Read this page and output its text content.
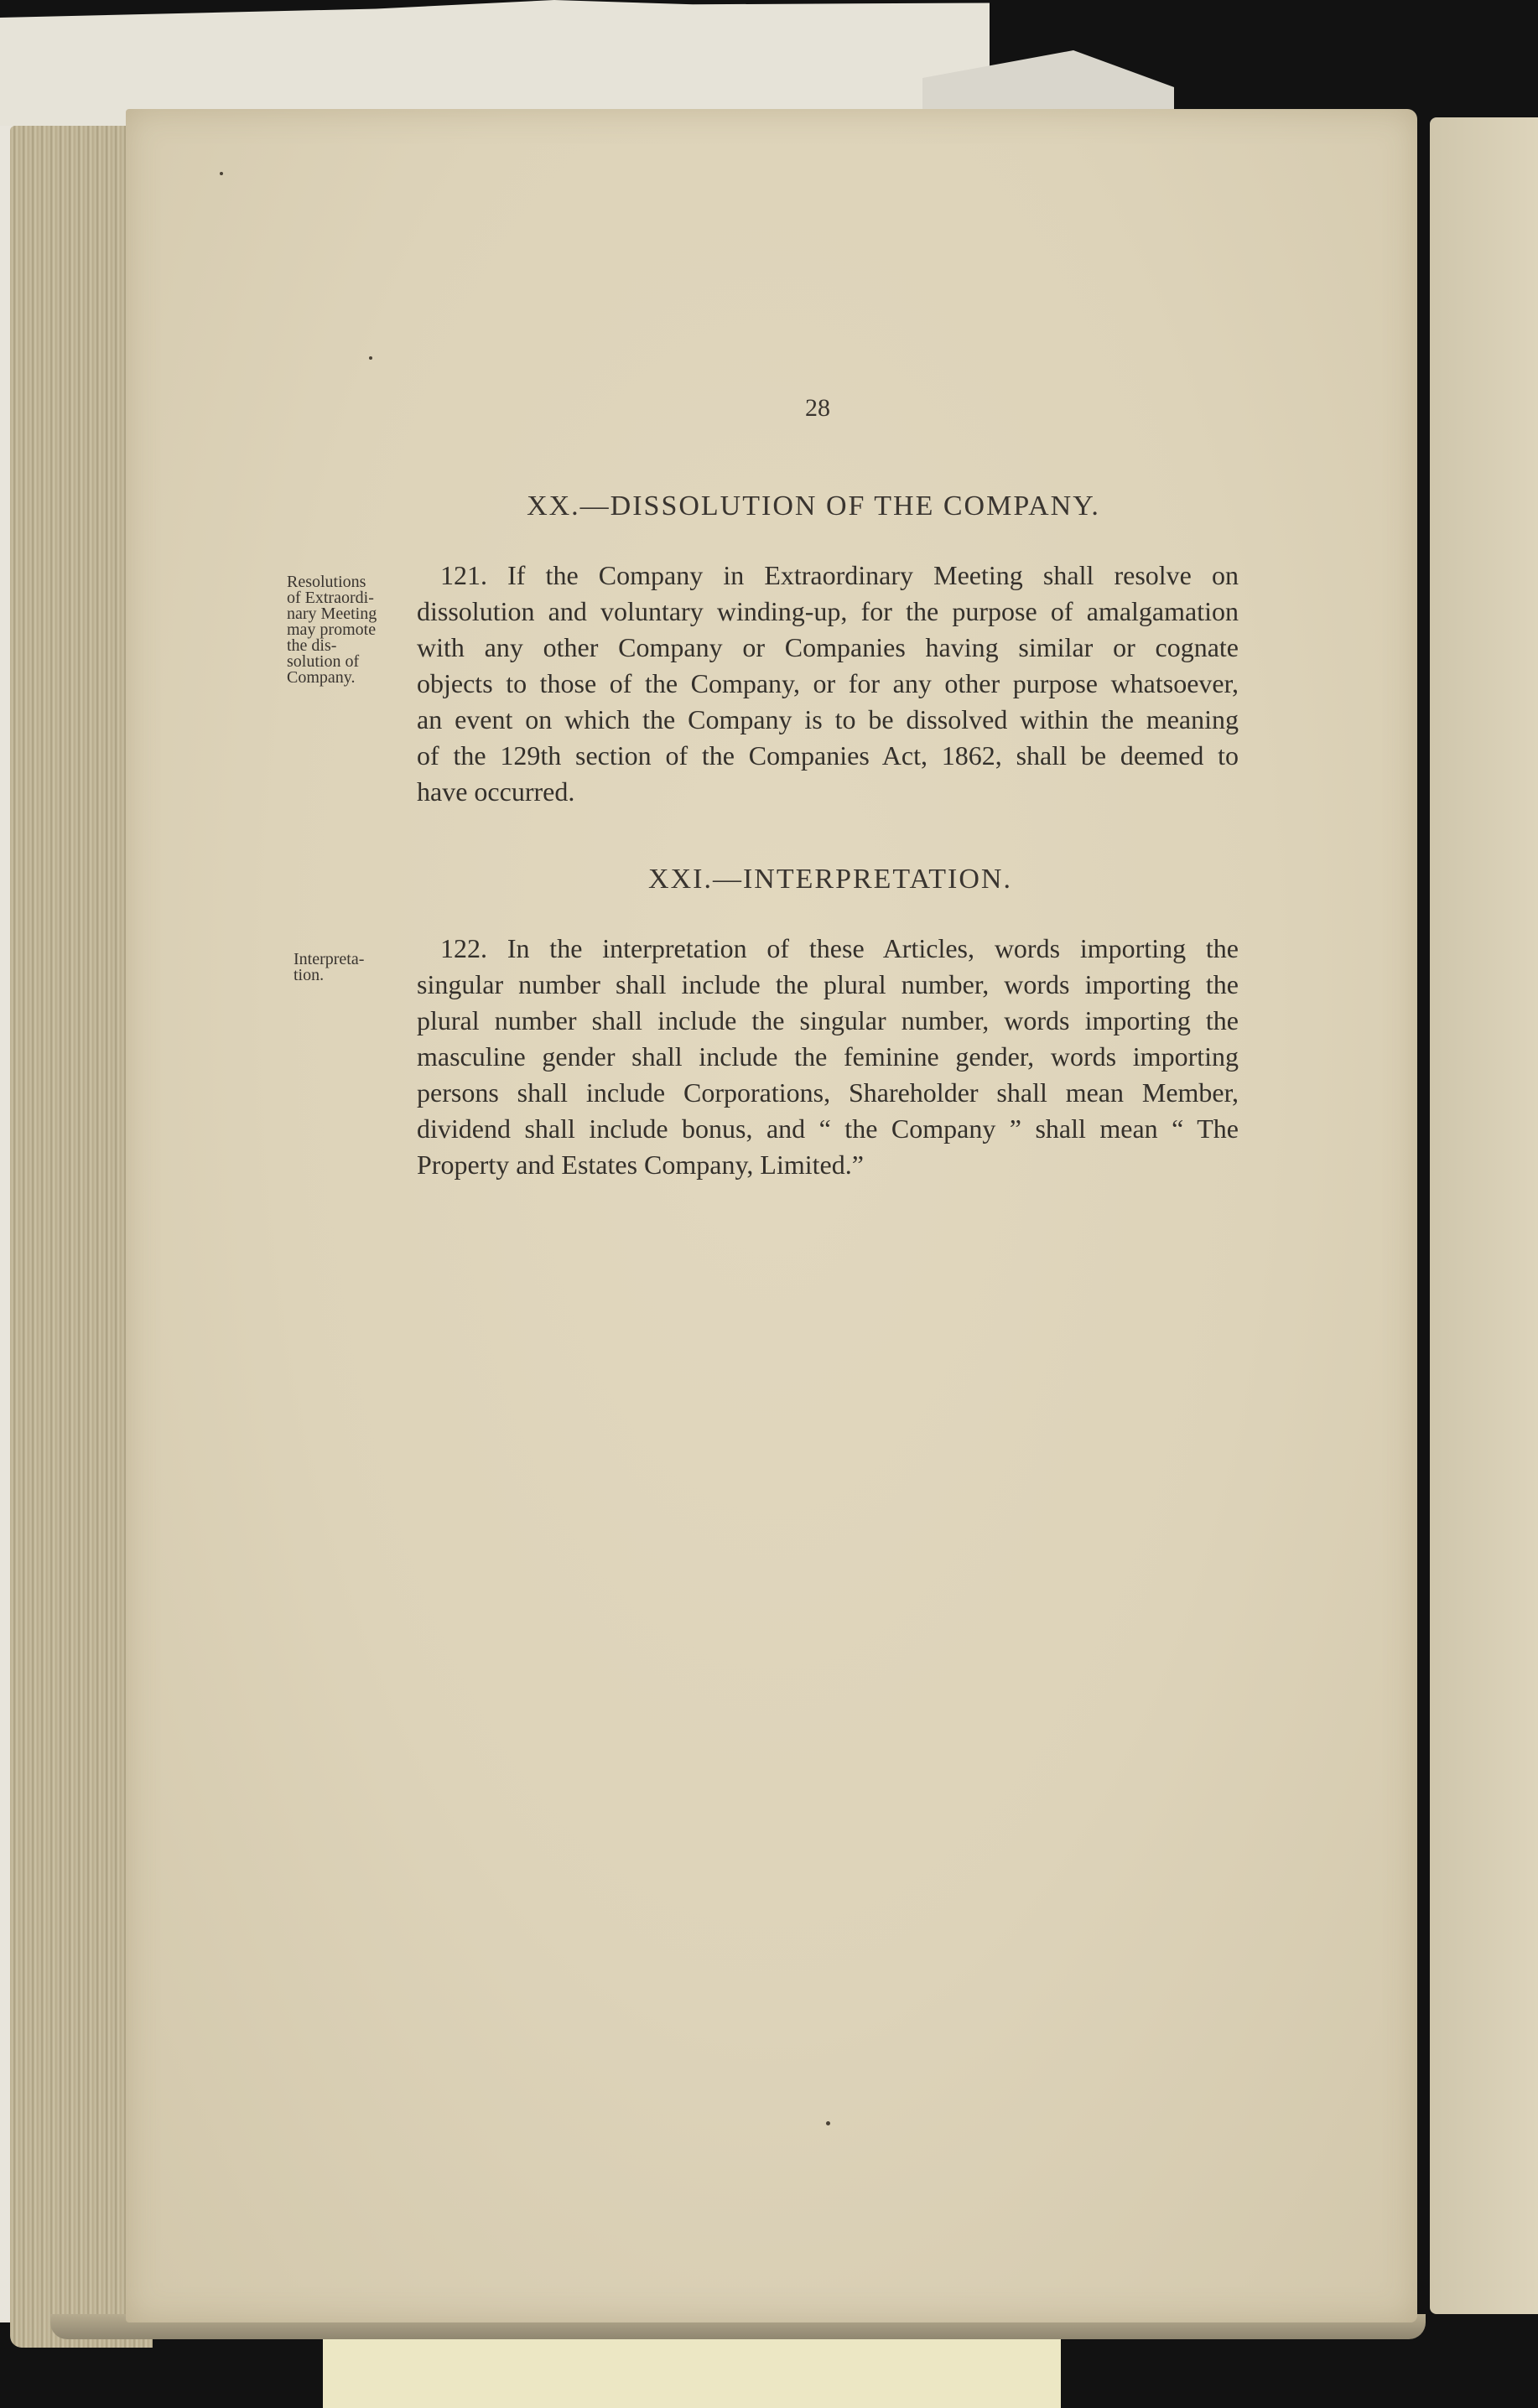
28
XX.—DISSOLUTION OF THE COMPANY.
Resolutions
of Extraordi-
nary Meeting
may promote
the dis-
solution of
Company.
121. If the Company in Extraordinary Meeting shall resolve on
dissolution and voluntary winding-up, for the purpose of amalgamation
with any other Company or Companies having similar or cognate
objects to those of the Company, or for any other purpose whatsoever,
an event on which the Company is to be dissolved within the meaning
of the 129th section of the Companies Act, 1862, shall be deemed to
have occurred.
XXI.—INTERPRETATION.
Interpreta-
tion.
122. In the interpretation of these Articles, words importing the
singular number shall include the plural number, words importing the
plural number shall include the singular number, words importing the
masculine gender shall include the feminine gender, words importing
persons shall include Corporations, Shareholder shall mean Member,
dividend shall include bonus, and “ the Company ” shall mean “ The
Property and Estates Company, Limited.”
